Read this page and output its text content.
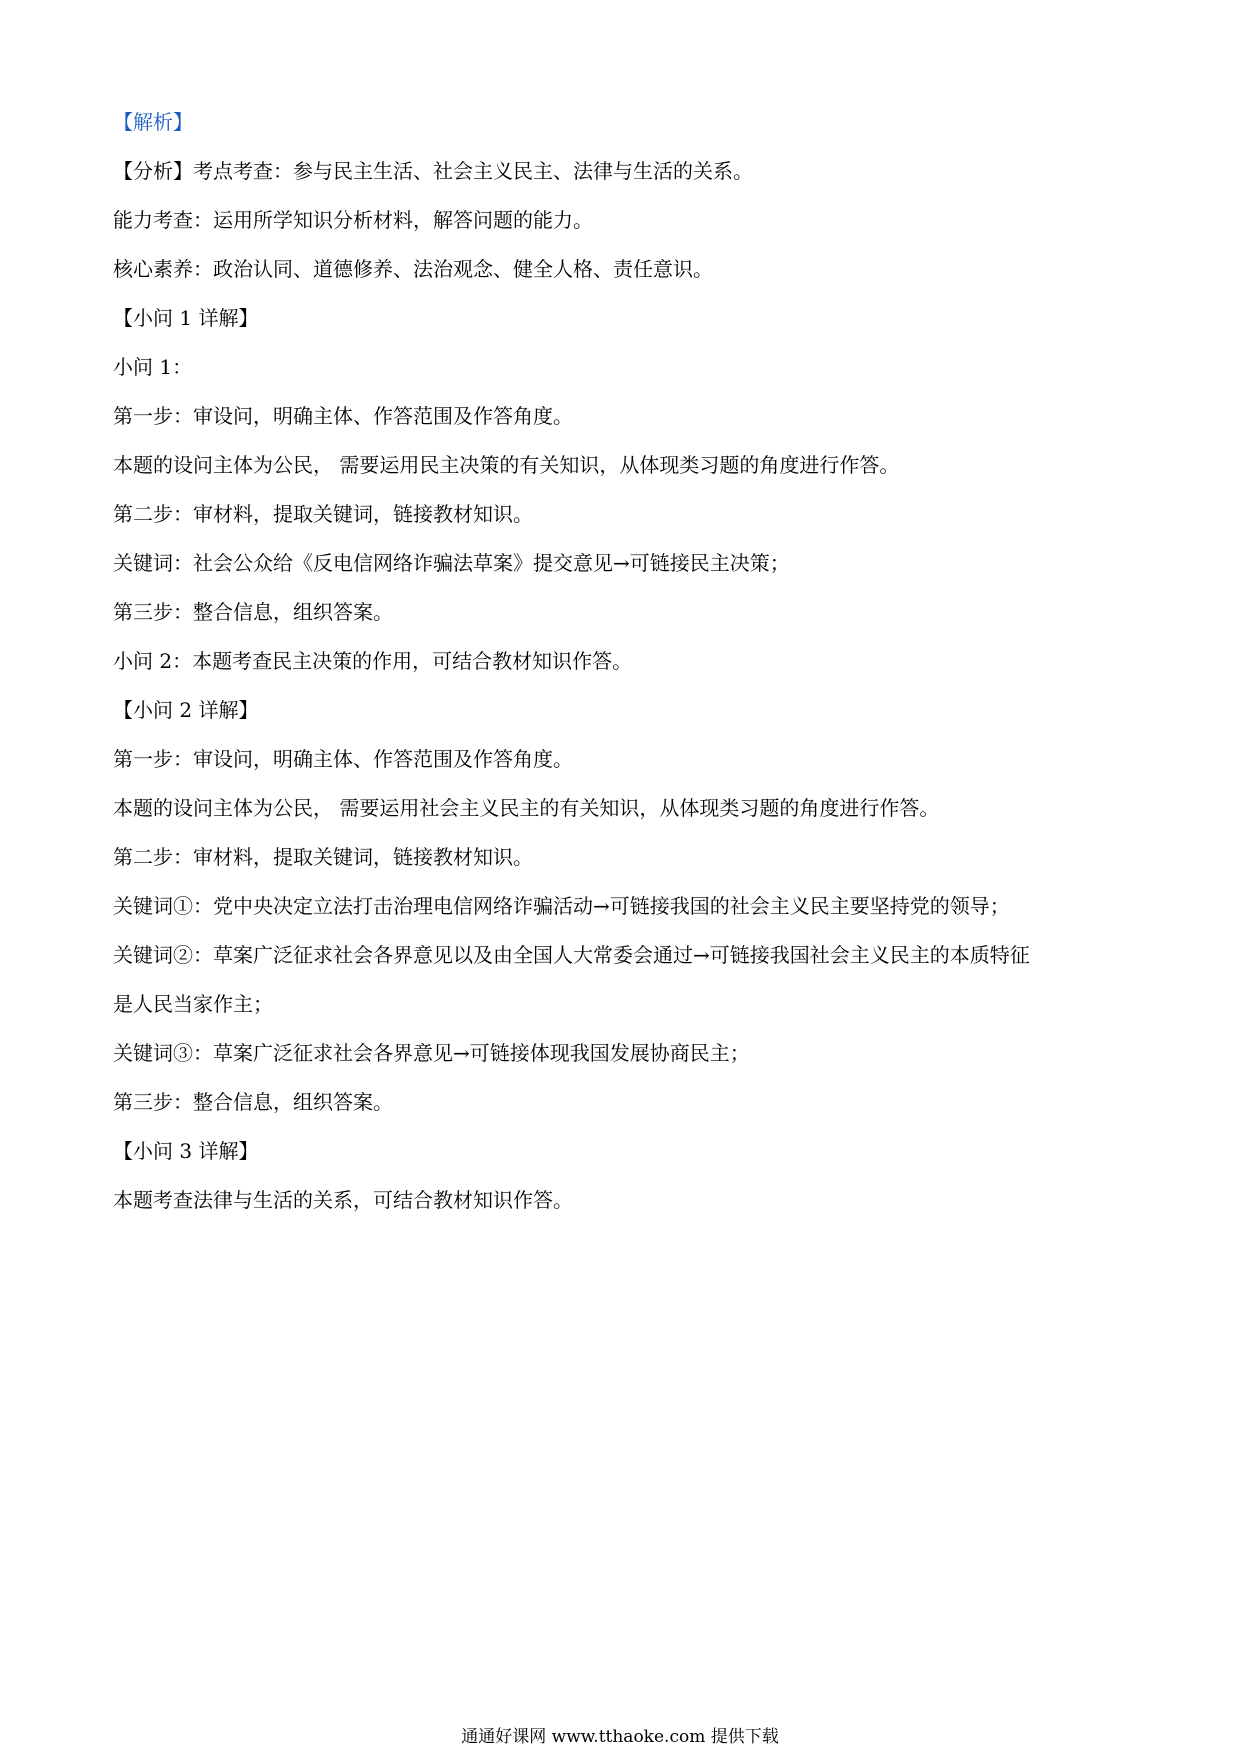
【解析】
【分析】考点考查：参与民主生活、社会主义民主、法律与生活的关系。
能力考查：运用所学知识分析材料，解答问题的能力。
核心素养：政治认同、道德修养、法治观念、健全人格、责任意识。
【小问 1 详解】
小问 1：
第一步：审设问，明确主体、作答范围及作答角度。
本题的设问主体为公民， 需要运用民主决策的有关知识，从体现类习题的角度进行作答。
第二步：审材料，提取关键词，链接教材知识。
关键词：社会公众给《反电信网络诈骗法草案》提交意见→可链接民主决策；
第三步：整合信息，组织答案。
小问 2：本题考查民主决策的作用，可结合教材知识作答。
【小问 2 详解】
第一步：审设问，明确主体、作答范围及作答角度。
本题的设问主体为公民， 需要运用社会主义民主的有关知识，从体现类习题的角度进行作答。
第二步：审材料，提取关键词，链接教材知识。
关键词①：党中央决定立法打击治理电信网络诈骗活动→可链接我国的社会主义民主要坚持党的领导；
关键词②：草案广泛征求社会各界意见以及由全国人大常委会通过→可链接我国社会主义民主的本质特征
是人民当家作主；
关键词③：草案广泛征求社会各界意见→可链接体现我国发展协商民主；
第三步：整合信息，组织答案。
【小问 3 详解】
本题考查法律与生活的关系，可结合教材知识作答。
通通好课网 www.tthaoke.com 提供下载
